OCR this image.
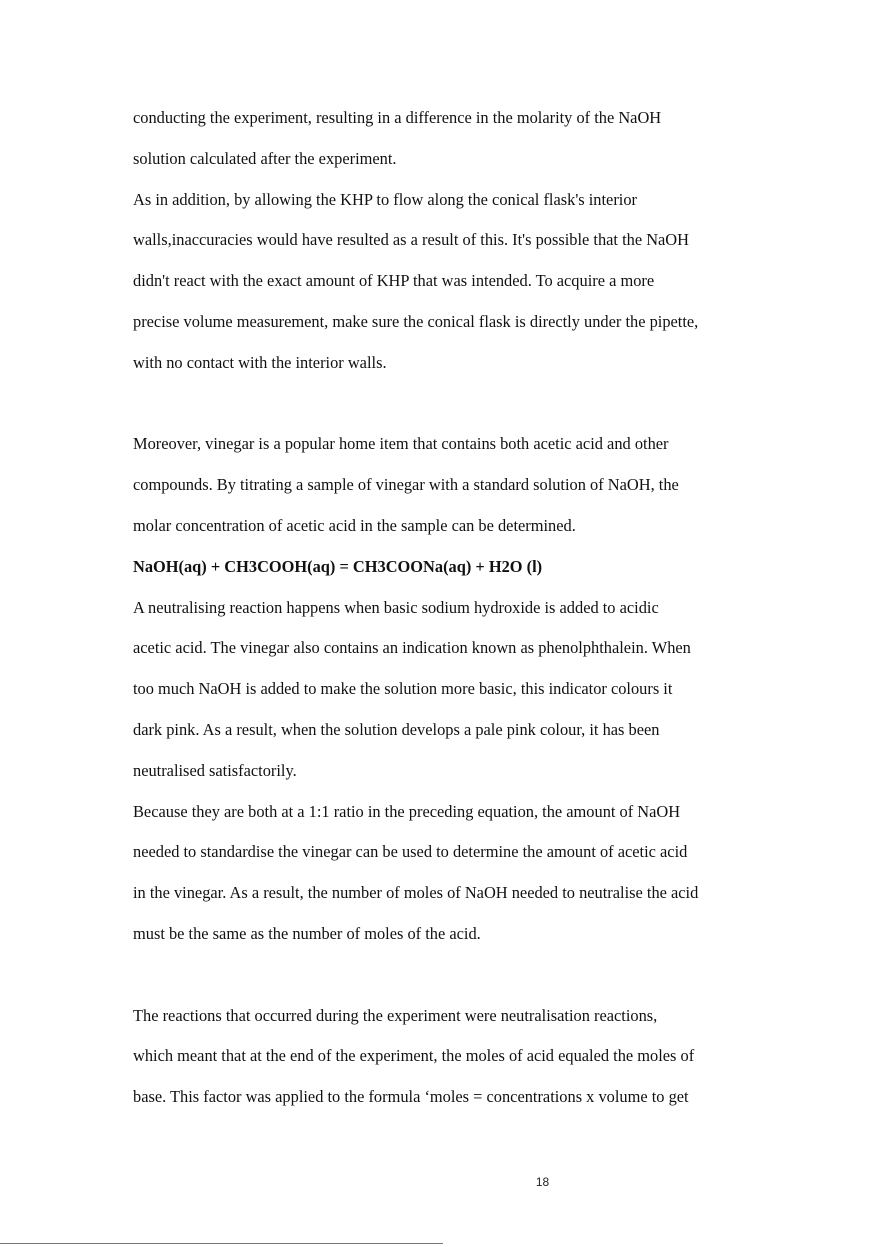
conducting the experiment, resulting in a difference in the molarity of the NaOH
solution calculated after the experiment.
As in addition, by allowing the KHP to flow along the conical flask's interior
walls,inaccuracies would have resulted as a result of this. It's possible that the NaOH
didn't react with the exact amount of KHP that was intended. To acquire a more
precise volume measurement, make sure the conical flask is directly under the pipette,
with no contact with the interior walls.
Moreover, vinegar is a popular home item that contains both acetic acid and other
compounds. By titrating a sample of vinegar with a standard solution of NaOH, the
molar concentration of acetic acid in the sample can be determined.
NaOH(aq) + CH3COOH(aq) = CH3COONa(aq) + H2O (l)
A neutralising reaction happens when basic sodium hydroxide is added to acidic
acetic acid. The vinegar also contains an indication known as phenolphthalein. When
too much NaOH is added to make the solution more basic, this indicator colours it
dark pink. As a result, when the solution develops a pale pink colour, it has been
neutralised satisfactorily.
Because they are both at a 1:1 ratio in the preceding equation, the amount of NaOH
needed to standardise the vinegar can be used to determine the amount of acetic acid
in the vinegar. As a result, the number of moles of NaOH needed to neutralise the acid
must be the same as the number of moles of the acid.
The reactions that occurred during the experiment were neutralisation reactions,
which meant that at the end of the experiment, the moles of acid equaled the moles of
base. This factor was applied to the formula ‘moles = concentrations x volume to get
18
